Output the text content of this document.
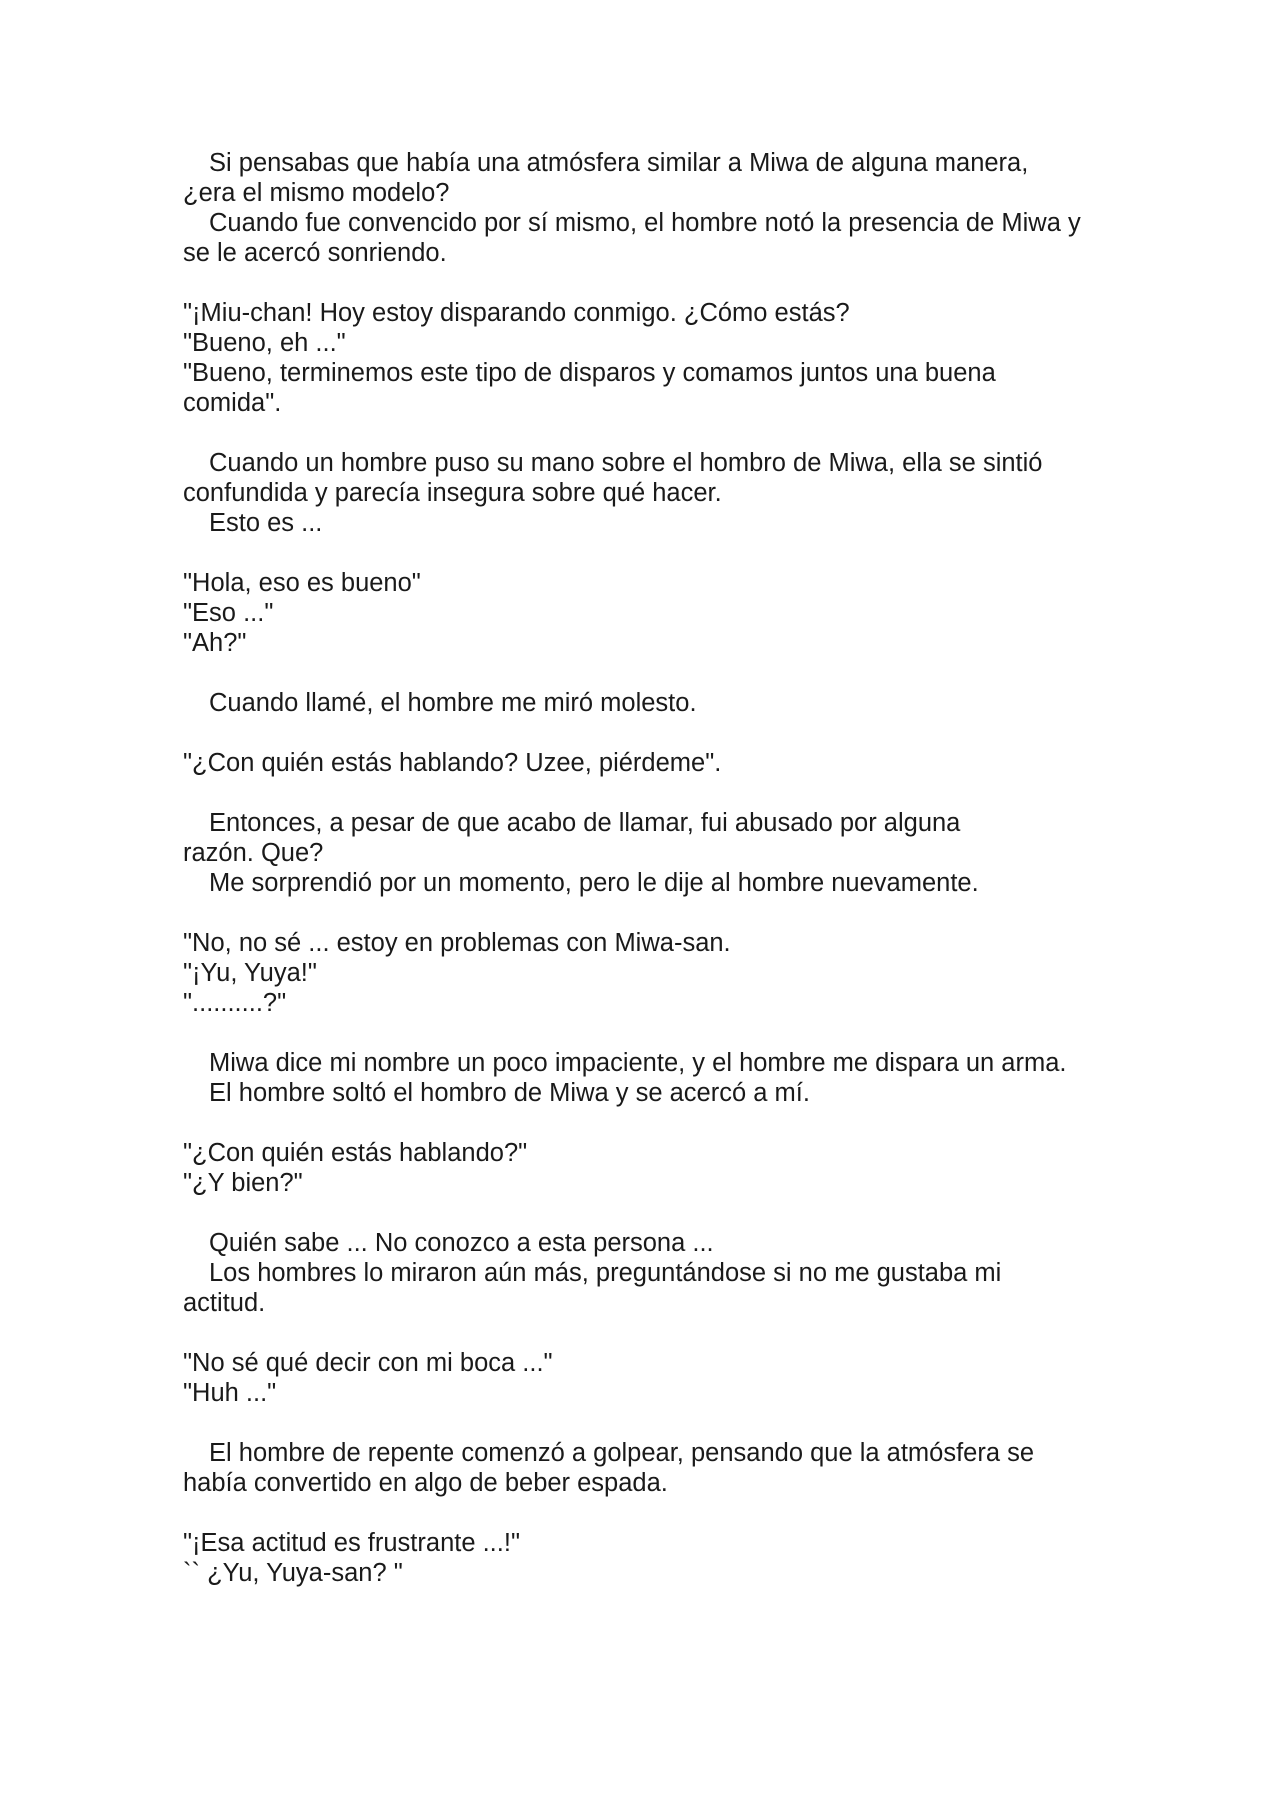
Si pensabas que había una atmósfera similar a Miwa de alguna manera,
¿era el mismo modelo?
Cuando fue convencido por sí mismo, el hombre notó la presencia de Miwa y
se le acercó sonriendo.
"¡Miu-chan! Hoy estoy disparando conmigo. ¿Cómo estás?
"Bueno, eh ..."
"Bueno, terminemos este tipo de disparos y comamos juntos una buena
comida".
Cuando un hombre puso su mano sobre el hombro de Miwa, ella se sintió
confundida y parecía insegura sobre qué hacer.
Esto es ...
"Hola, eso es bueno"
"Eso ..."
"Ah?"
Cuando llamé, el hombre me miró molesto.
"¿Con quién estás hablando? Uzee, piérdeme".
Entonces, a pesar de que acabo de llamar, fui abusado por alguna
razón. Que?
Me sorprendió por un momento, pero le dije al hombre nuevamente.
"No, no sé ... estoy en problemas con Miwa-san.
"¡Yu, Yuya!"
"..........?"
Miwa dice mi nombre un poco impaciente, y el hombre me dispara un arma.
El hombre soltó el hombro de Miwa y se acercó a mí.
"¿Con quién estás hablando?"
"¿Y bien?"
Quién sabe ... No conozco a esta persona ...
Los hombres lo miraron aún más, preguntándose si no me gustaba mi
actitud.
"No sé qué decir con mi boca ..."
"Huh ..."
El hombre de repente comenzó a golpear, pensando que la atmósfera se
había convertido en algo de beber espada.
"¡Esa actitud es frustrante ...!"
`` ¿Yu, Yuya-san? "
